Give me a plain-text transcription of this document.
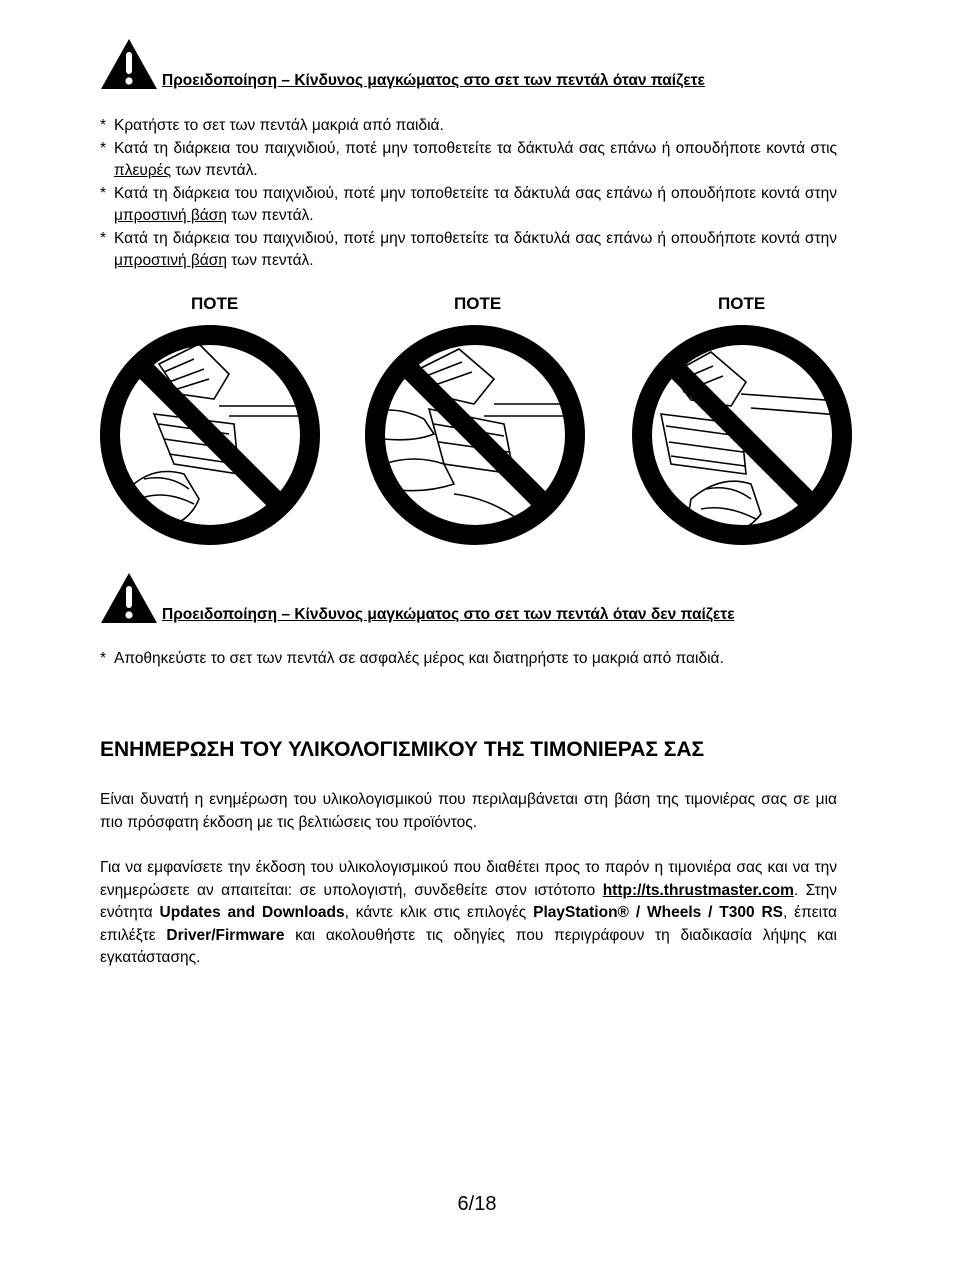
Προειδοποίηση – Κίνδυνος μαγκώματος στο σετ των πεντάλ όταν παίζετε
* Κρατήστε το σετ των πεντάλ μακριά από παιδιά.
* Κατά τη διάρκεια του παιχνιδιού, ποτέ μην τοποθετείτε τα δάκτυλά σας επάνω ή οπουδήποτε κοντά στις πλευρές των πεντάλ.
* Κατά τη διάρκεια του παιχνιδιού, ποτέ μην τοποθετείτε τα δάκτυλά σας επάνω ή οπουδήποτε κοντά στην μπροστινή βάση των πεντάλ.
* Κατά τη διάρκεια του παιχνιδιού, ποτέ μην τοποθετείτε τα δάκτυλά σας επάνω ή οπουδήποτε κοντά στην μπροστινή βάση των πεντάλ.
ΠΟΤΕ	ΠΟΤΕ	ΠΟΤΕ
Προειδοποίηση – Κίνδυνος μαγκώματος στο σετ των πεντάλ όταν δεν παίζετε
* Αποθηκεύστε το σετ των πεντάλ σε ασφαλές μέρος και διατηρήστε το μακριά από παιδιά.
ΕΝΗΜΕΡΩΣΗ ΤΟΥ ΥΛΙΚΟΛΟΓΙΣΜΙΚΟΥ ΤΗΣ ΤΙΜΟΝΙΕΡΑΣ ΣΑΣ

Είναι δυνατή η ενημέρωση του υλικολογισμικού που περιλαμβάνεται στη βάση της τιμονιέρας σας σε μια πιο πρόσφατη έκδοση με τις βελτιώσεις του προϊόντος.

Για να εμφανίσετε την έκδοση του υλικολογισμικού που διαθέτει προς το παρόν η τιμονιέρα σας και να την ενημερώσετε αν απαιτείται: σε υπολογιστή, συνδεθείτε στον ιστότοπο http://ts.thrustmaster.com. Στην ενότητα Updates and Downloads, κάντε κλικ στις επιλογές PlayStation® / Wheels / T300 RS, έπειτα επιλέξτε Driver/Firmware και ακολουθήστε τις οδηγίες που περιγράφουν τη διαδικασία λήψης και εγκατάστασης.

6/18
